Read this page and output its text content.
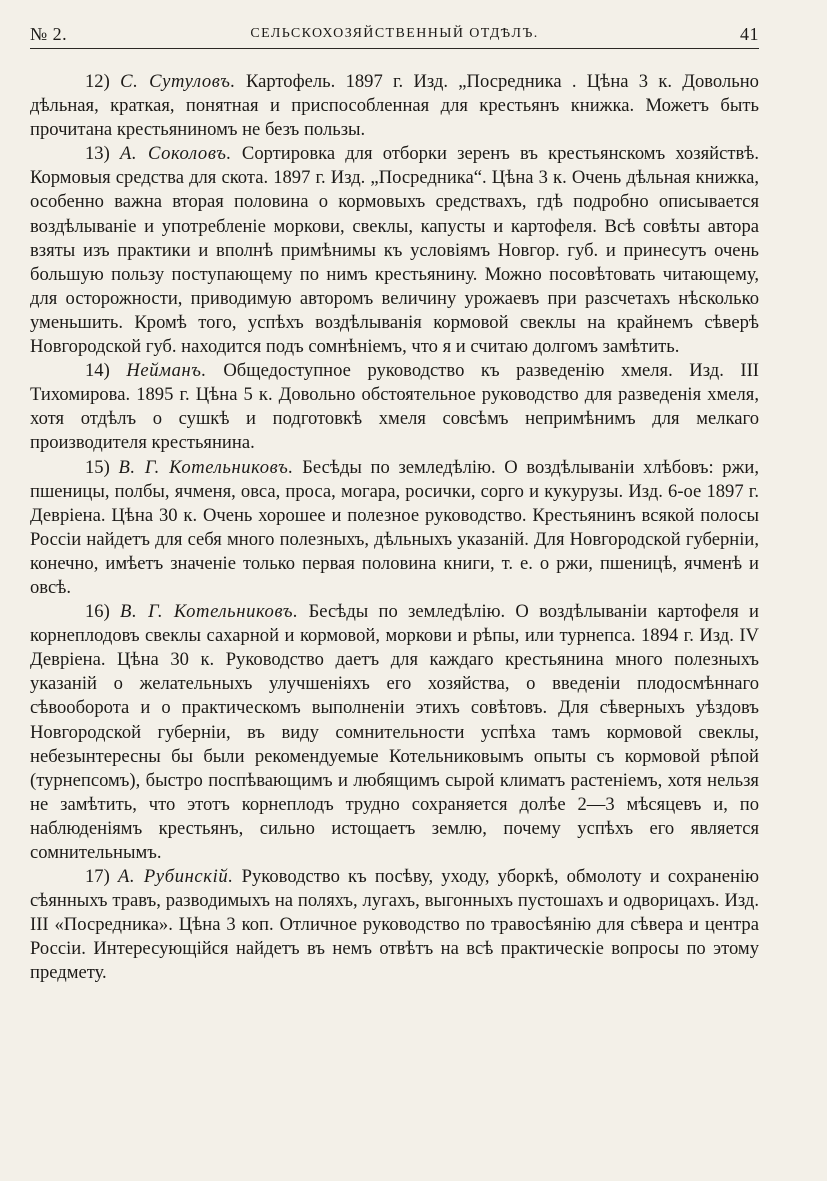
№ 2.	СЕЛЬСКОХОЗЯЙСТВЕННЫЙ ОТДѢЛЪ.	41

12) С. Сутуловъ. Картофель. 1897 г. Изд. „Посредника . Цѣна 3 к. Довольно дѣльная, краткая, понятная и приспособленная для крестьянъ книжка. Можетъ быть прочитана крестьяниномъ не безъ пользы.

13) А. Соколовъ. Сортировка для отборки зеренъ въ крестьянскомъ хозяйствѣ. Кормовыя средства для скота. 1897 г. Изд. „Посредника“. Цѣна 3 к. Очень дѣльная книжка, особенно важна вторая половина о кормовыхъ средствахъ, гдѣ подробно описывается воздѣлываніе и употребленіе моркови, свеклы, капусты и картофеля. Всѣ совѣты автора взяты изъ практики и вполнѣ примѣнимы къ условіямъ Новгор. губ. и принесутъ очень большую пользу поступающему по нимъ крестьянину. Можно посовѣтовать читающему, для осторожности, приводимую авторомъ величину урожаевъ при разсчетахъ нѣсколько уменьшить. Кромѣ того, успѣхъ воздѣлыванія кормовой свеклы на крайнемъ сѣверѣ Новгородской губ. находится подъ сомнѣніемъ, что я и считаю долгомъ замѣтить.

14) Нейманъ. Общедоступное руководство къ разведенію хмеля. Изд. III Тихомирова. 1895 г. Цѣна 5 к. Довольно обстоятельное руководство для разведенія хмеля, хотя отдѣлъ о сушкѣ и подготовкѣ хмеля совсѣмъ непримѣнимъ для мелкаго производителя крестьянина.

15) В. Г. Котельниковъ. Бесѣды по земледѣлію. О воздѣлываніи хлѣбовъ: ржи, пшеницы, полбы, ячменя, овса, проса, могара, росички, сорго и кукурузы. Изд. 6-ое 1897 г. Девріена. Цѣна 30 к. Очень хорошее и полезное руководство. Крестьянинъ всякой полосы Россіи найдетъ для себя много полезныхъ, дѣльныхъ указаній. Для Новгородской губерніи, конечно, имѣетъ значеніе только первая половина книги, т. е. о ржи, пшеницѣ, ячменѣ и овсѣ.

16) В. Г. Котельниковъ. Бесѣды по земледѣлію. О воздѣлываніи картофеля и корнеплодовъ свеклы сахарной и кормовой, моркови и рѣпы, или турнепса. 1894 г. Изд. IV Девріена. Цѣна 30 к. Руководство даетъ для каждаго крестьянина много полезныхъ указаній о желательныхъ улучшеніяхъ его хозяйства, о введеніи плодосмѣннаго сѣвооборота и о практическомъ выполненіи этихъ совѣтовъ. Для сѣверныхъ уѣздовъ Новгородской губерніи, въ виду сомнительности успѣха тамъ кормовой свеклы, небезынтересны бы были рекомендуемые Котельниковымъ опыты съ кормовой рѣпой (турнепсомъ), быстро поспѣвающимъ и любящимъ сырой климатъ растеніемъ, хотя нельзя не замѣтить, что этотъ корнеплодъ трудно сохраняется долѣе 2—3 мѣсяцевъ и, по наблюденіямъ крестьянъ, сильно истощаетъ землю, почему успѣхъ его является сомнительнымъ.

17) А. Рубинскій. Руководство къ посѣву, уходу, уборкѣ, обмолоту и сохраненію сѣянныхъ травъ, разводимыхъ на поляхъ, лугахъ, выгонныхъ пустошахъ и одворицахъ. Изд. III «Посредника». Цѣна 3 коп. Отличное руководство по травосѣянію для сѣвера и центра Россіи. Интересующійся найдетъ въ немъ отвѣтъ на всѣ практическіе вопросы по этому предмету.
